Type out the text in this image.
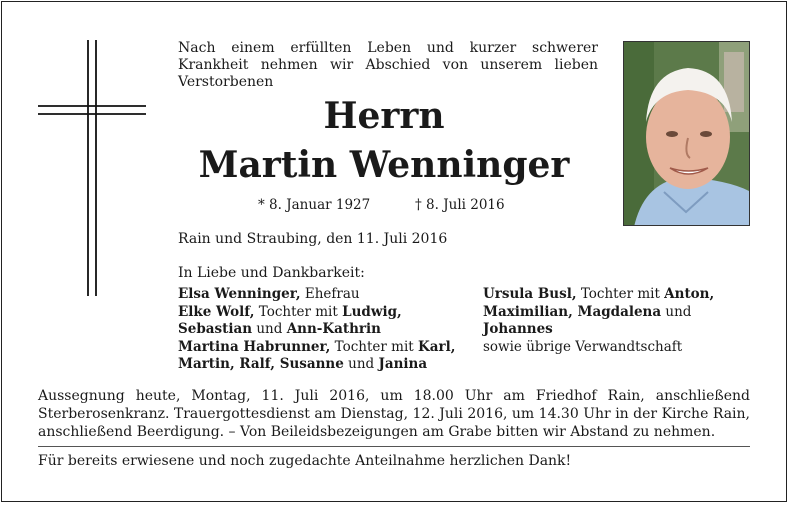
Nach einem erfüllten Leben und kurzer schwerer Krankheit nehmen wir Abschied von unserem lieben Verstorbenen
Herrn
Martin Wenninger
* 8. Januar 1927	† 8. Juli 2016
Rain und Straubing, den 11. Juli 2016
In Liebe und Dankbarkeit:
Elsa Wenninger, Ehefrau
Elke Wolf, Tochter mit Ludwig,
Sebastian und Ann-Kathrin
Martina Habrunner, Tochter mit Karl,
Martin, Ralf, Susanne und Janina
Ursula Busl, Tochter mit Anton,
Maximilian, Magdalena und Johannes
sowie übrige Verwandtschaft
Aussegnung heute, Montag, 11. Juli 2016, um 18.00 Uhr am Friedhof Rain, anschließend Sterberosenkranz. Trauergottesdienst am Dienstag, 12. Juli 2016, um 14.30 Uhr in der Kirche Rain, anschließend Beerdigung. – Von Beileidsbezeigungen am Grabe bitten wir Abstand zu nehmen.
Für bereits erwiesene und noch zugedachte Anteilnahme herzlichen Dank!
